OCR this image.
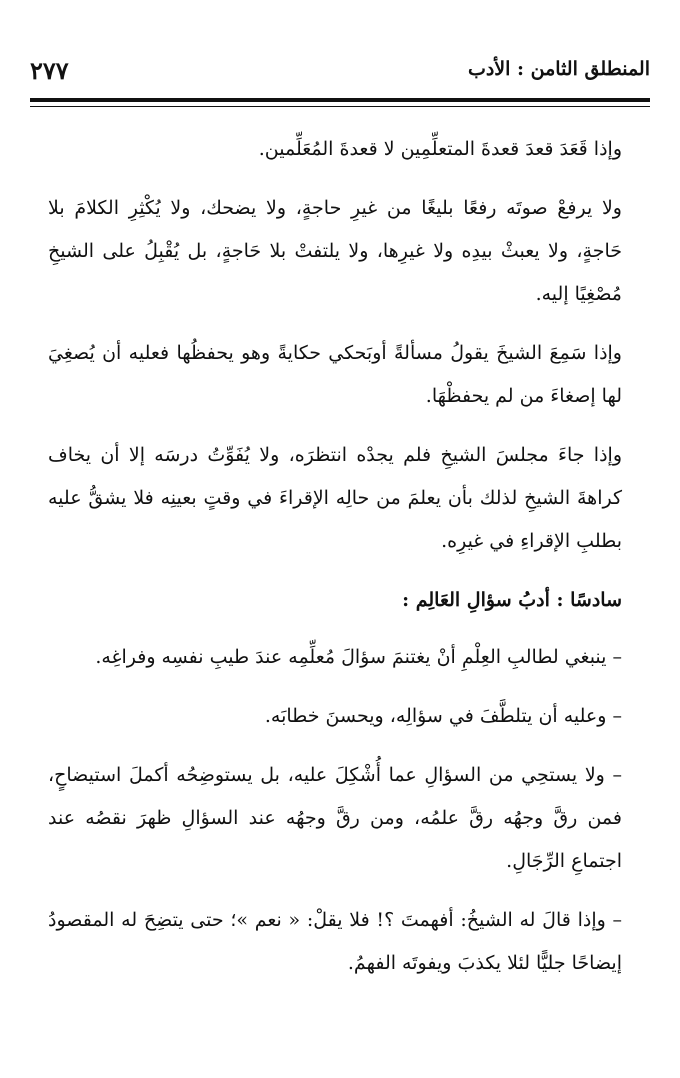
المنطلق الثامن : الأدب
٢٧٧

وإذا قَعَدَ قعدَ قعدةَ المتعلِّمِين لا قعدةَ المُعَلِّمين.

ولا يرفعْ صوتَه رفعًا بليغًا من غيرِ حاجةٍ، ولا يضحك، ولا يُكْثِرِ الكلامَ بلا حَاجةٍ، ولا يعبثْ بيدِه ولا غيرِها، ولا يلتفتْ بلا حَاجةٍ، بل يُقْبِلُ على الشيخِ مُصْغِيًا إليه.

وإذا سَمِعَ الشيخَ يقولُ مسألةً أوبَحكي حكايةً وهو يحفظُها فعليه أن يُصغِيَ لها إصغاءَ من لم يحفظْهَا.

وإذا جاءَ مجلسَ الشيخِ فلم يجدْه انتظرَه، ولا يُفَوِّتُ درسَه إلا أن يخاف كراهةَ الشيخِ لذلك بأن يعلمَ من حالِه الإقراءَ في وقتٍ بعينِه فلا يشقُّ عليه بطلبِ الإقراءِ في غيرِه.

سادسًا : أدبُ سؤالِ العَالِم :

– ينبغي لطالبِ العِلْمِ أنْ يغتنمَ سؤالَ مُعلِّمِه عندَ طيبِ نفسِه وفراغِه.

– وعليه أن يتلطَّفَ في سؤالِه، ويحسنَ خطابَه.

– ولا يستحِي من السؤالِ عما أُشْكِلَ عليه، بل يستوضِحُه أكملَ استيضاحٍ، فمن رقَّ وجهُه رقَّ علمُه، ومن رقَّ وجهُه عند السؤالِ ظهرَ نقصُه عند اجتماعِ الرِّجَالِ.

– وإذا قالَ له الشيخُ: أفهمتَ ؟! فلا يقلْ: « نعم »؛ حتى يتضِحَ له المقصودُ إيضاحًا جليًّا لئلا يكذبَ ويفوتَه الفهمُ.
